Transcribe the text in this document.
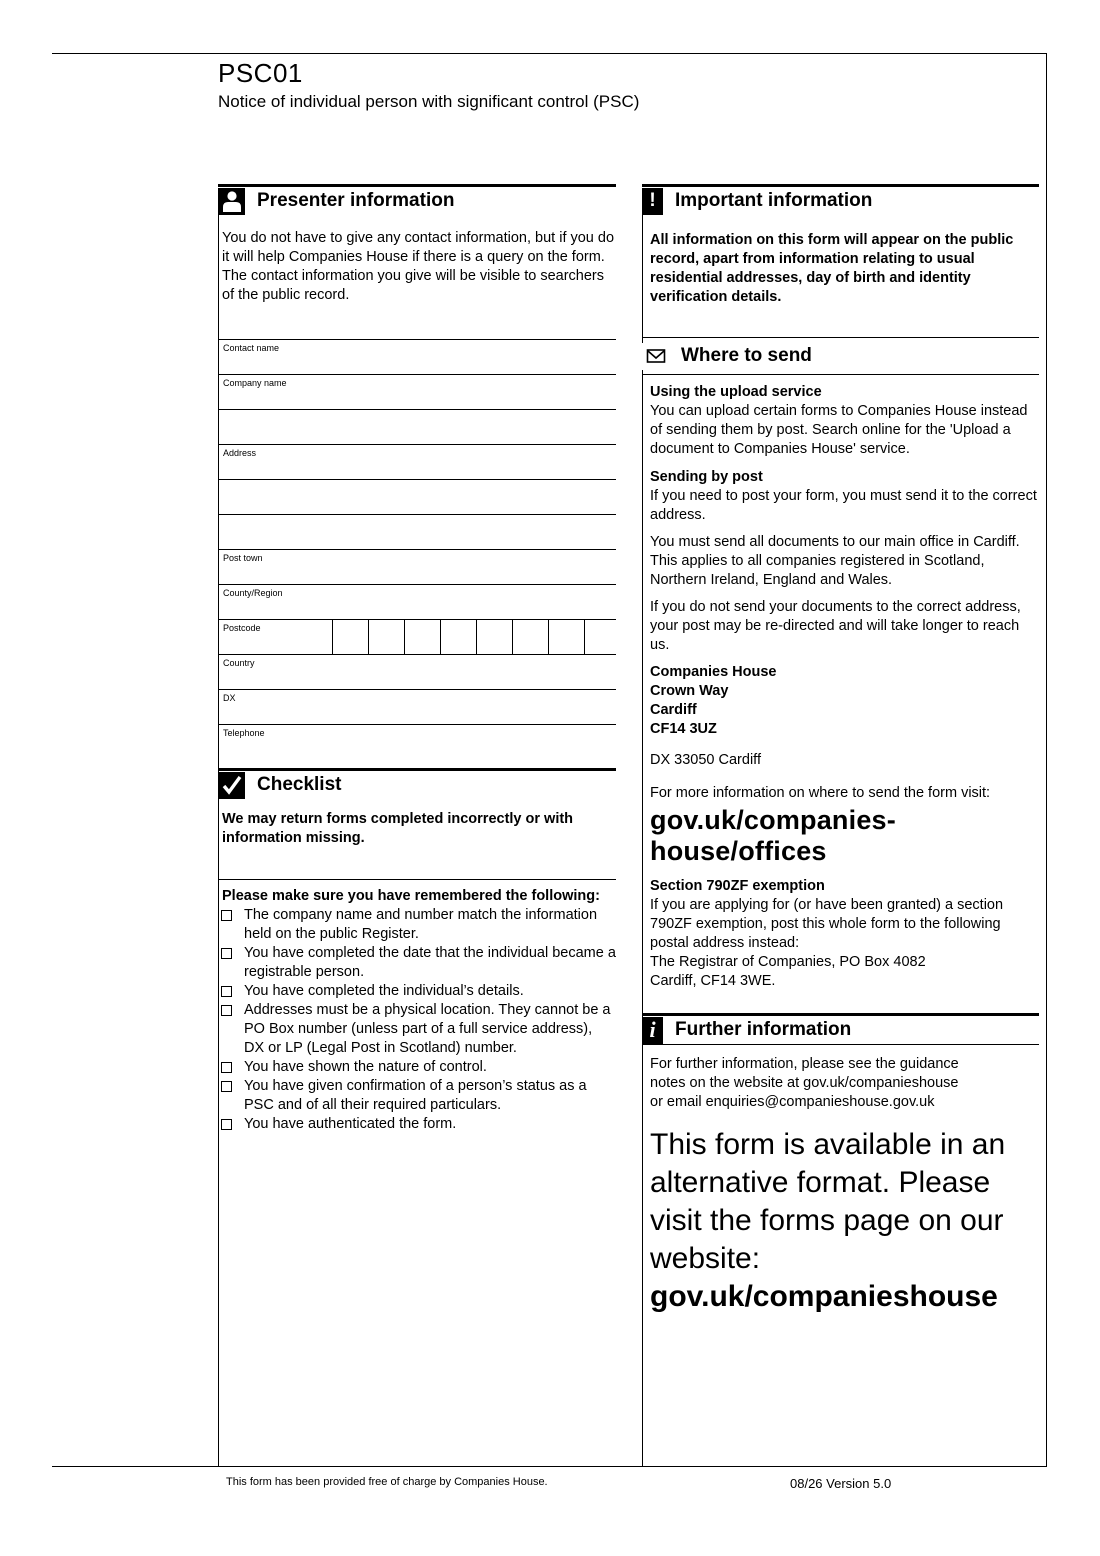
PSC01
Notice of individual person with significant control (PSC)
Presenter information
You do not have to give any contact information, but if you do it will help Companies House if there is a query on the form. The contact information you give will be visible to searchers of the public record.
Contact name
Company name
Address
Post town
County/Region
Postcode
Country
DX
Telephone
Checklist
We may return forms completed incorrectly or with information missing.
Please make sure you have remembered the following:
The company name and number match the information held on the public Register.
You have completed the date that the individual became a registrable person.
You have completed the individual’s details.
Addresses must be a physical location. They cannot be a PO Box number (unless part of a full service address), DX or LP (Legal Post in Scotland) number.
You have shown the nature of control.
You have given confirmation of a person’s status as a PSC and of all their required particulars.
You have authenticated the form.
! Important information
All information on this form will appear on the public record, apart from information relating to usual residential addresses, day of birth and identity verification details.
Where to send
Using the upload service
You can upload certain forms to Companies House instead of sending them by post. Search online for the 'Upload a document to Companies House' service.
Sending by post
If you need to post your form, you must send it to the correct address.
You must send all documents to our main office in Cardiff. This applies to all companies registered in Scotland, Northern Ireland, England and Wales.
If you do not send your documents to the correct address, your post may be re-directed and will take longer to reach us.
Companies House
Crown Way
Cardiff
CF14 3UZ
DX 33050 Cardiff
For more information on where to send the form visit:
gov.uk/companies-house/offices
Section 790ZF exemption
If you are applying for (or have been granted) a section 790ZF exemption, post this whole form to the following postal address instead:
The Registrar of Companies, PO Box 4082
Cardiff, CF14 3WE.
i Further information
For further information, please see the guidance
notes on the website at gov.uk/companieshouse
or email enquiries@companieshouse.gov.uk
This form is available in an alternative format. Please visit the forms page on our website:
gov.uk/companieshouse
This form has been provided free of charge by Companies House.	08/26 Version 5.0
